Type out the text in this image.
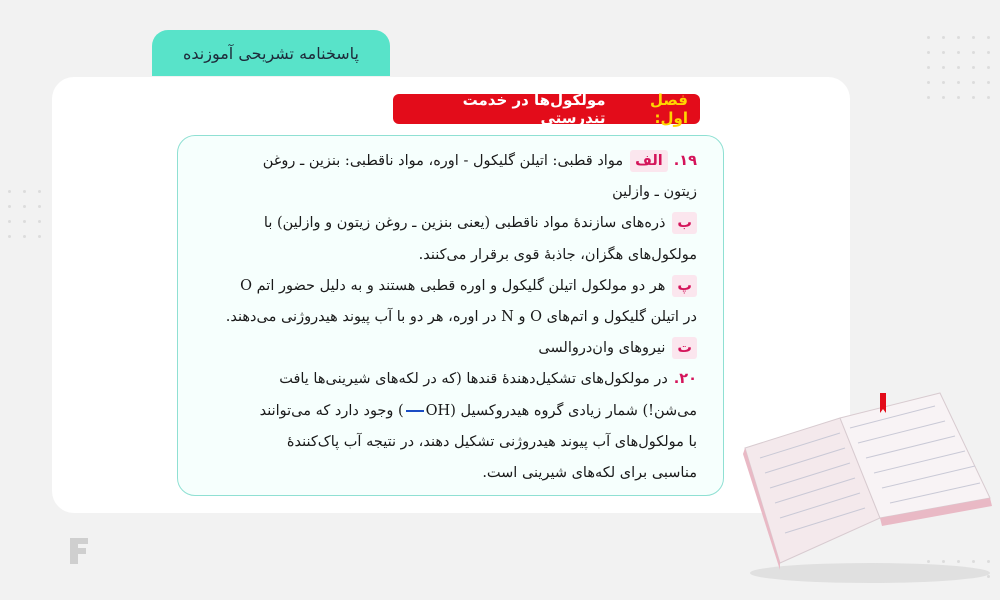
پاسخنامه تشریحی آموزنده
فصل اول:
مولکول‌ها در خدمت تندرستی
۱۹.الفمواد قطبی: اتیلن گلیکول - اوره، مواد ناقطبی: بنزین ـ روغن
زیتون ـ وازلین
بذره‌های سازندهٔ مواد ناقطبی (یعنی بنزین ـ روغن زیتون و وازلین) با
مولکول‌های هگزان، جاذبهٔ قوی برقرار می‌کنند.
پهر دو مولکول اتیلن گلیکول و اوره قطبی هستند و به دلیل حضور اتم O
در اتیلن گلیکول و اتم‌های O و N در اوره، هر دو با آب پیوند هیدروژنی می‌دهند.
تنیروهای وان‌دروالسی
۲۰.در مولکول‌های تشکیل‌دهندهٔ قندها (که در لکه‌های شیرینی‌ها یافت
می‌شن!) شمار زیادی گروه هیدروکسیل (OH) وجود دارد که می‌توانند
با مولکول‌های آب پیوند هیدروژنی تشکیل دهند، در نتیجه آب پاک‌کنندهٔ
مناسبی برای لکه‌های شیرینی است.
